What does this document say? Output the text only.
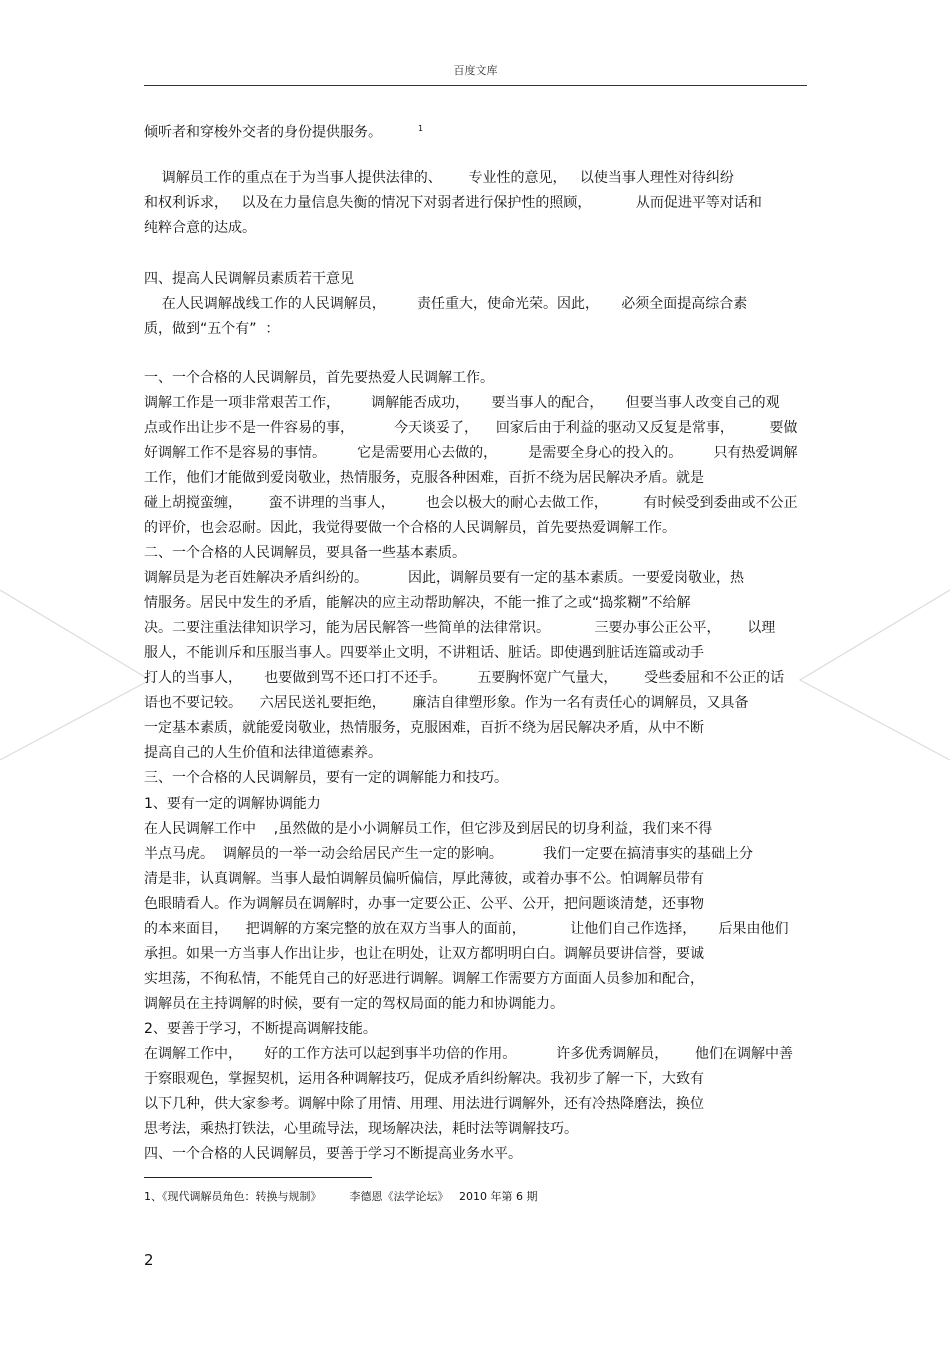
百度文库
倾听者和穿梭外交者的身份提供服务。	$^1$
调解员工作的重点在于为当事人提供法律的、      专业性的意见，   以使当事人理性对待纠纷
和权利诉求，   以及在力量信息失衡的情况下对弱者进行保护性的照顾，          从而促进平等对话和
纯粹合意的达成。
四、提高人民调解员素质若干意见
在人民调解战线工作的人民调解员，       责任重大，使命光荣。因此，     必须全面提高综合素
质，做到“五个有”  ：
一、一个合格的人民调解员，首先要热爱人民调解工作。
调解工作是一项非常艰苦工作，       调解能否成功，     要当事人的配合，     但要当事人改变自己的观
点或作出让步不是一件容易的事，         今天谈妥了，    回家后由于利益的驱动又反复是常事，        要做
好调解工作不是容易的事情。       它是需要用心去做的，       是需要全身心的投入的。       只有热爱调解
工作，他们才能做到爱岗敬业，热情服务，克服各种困难，百折不绕为居民解决矛盾。就是
碰上胡搅蛮缠，      蛮不讲理的当事人，       也会以极大的耐心去做工作，        有时候受到委曲或不公正
的评价，也会忍耐。因此，我觉得要做一个合格的人民调解员，首先要热爱调解工作。
二、一个合格的人民调解员，要具备一些基本素质。
调解员是为老百姓解决矛盾纠纷的。         因此，调解员要有一定的基本素质。一要爱岗敬业，热
情服务。居民中发生的矛盾，能解决的应主动帮助解决，不能一推了之或“捣浆糊”不给解
决。二要注重法律知识学习，能为居民解答一些简单的法律常识。          三要办事公正公平，      以理
服人，不能训斥和压服当事人。四要举止文明，不讲粗话、脏话。即使遇到脏话连篇或动手
打人的当事人，     也要做到骂不还口打不还手。       五要胸怀宽广气量大，      受些委屈和不公正的话
语也不要记较。    六居民送礼要拒绝，      廉洁自律塑形象。作为一名有责任心的调解员，又具备
一定基本素质，就能爱岗敬业，热情服务，克服困难，百折不绕为居民解决矛盾，从中不断
提高自己的人生价值和法律道德素养。
三、一个合格的人民调解员，要有一定的调解能力和技巧。
1、要有一定的调解协调能力
在人民调解工作中    ,虽然做的是小小调解员工作，但它涉及到居民的切身利益，我们来不得
半点马虎。  调解员的一举一动会给居民产生一定的影响。         我们一定要在搞清事实的基础上分
清是非，认真调解。当事人最怕调解员偏听偏信，厚此薄彼，或着办事不公。怕调解员带有
色眼睛看人。作为调解员在调解时，办事一定要公正、公平、公开，把问题谈清楚，还事物
的本来面目，    把调解的方案完整的放在双方当事人的面前，          让他们自己作选择，     后果由他们
承担。如果一方当事人作出让步，也让在明处，让双方都明明白白。调解员要讲信誉，要诚
实坦荡，不徇私情，不能凭自己的好恶进行调解。调解工作需要方方面面人员参加和配合，
调解员在主持调解的时候，要有一定的驾权局面的能力和协调能力。
2、要善于学习，不断提高调解技能。
在调解工作中，     好的工作方法可以起到事半功倍的作用。         许多优秀调解员，      他们在调解中善
于察眼观色，掌握契机，运用各种调解技巧，促成矛盾纠纷解决。我初步了解一下，大致有
以下几种，供大家参考。调解中除了用情、用理、用法进行调解外，还有冷热降磨法，换位
思考法，乘热打铁法，心里疏导法，现场解决法，耗时法等调解技巧。
四、一个合格的人民调解员，要善于学习不断提高业务水平。
1、《现代调解员角色：转换与规制》        李德恩《法学论坛》   2010 年第 6 期
2
